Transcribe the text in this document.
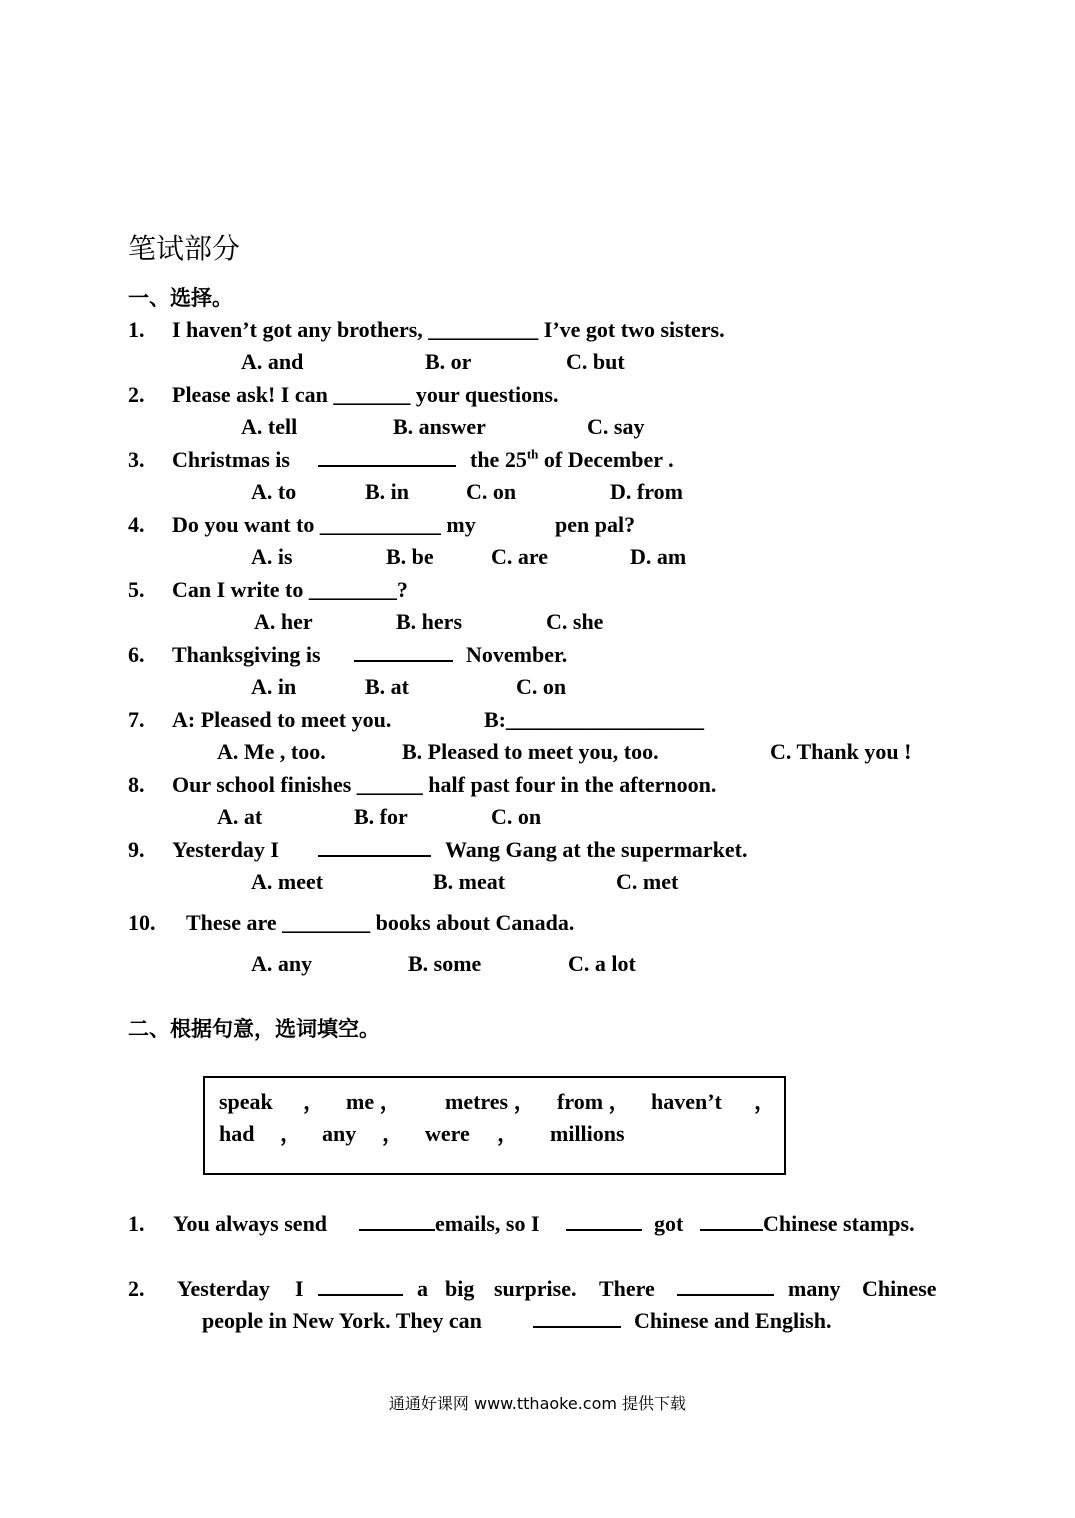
笔试部分
一、选择。
1. I haven’t got any brothers, __________ I’ve got two sisters.
A. and	B. or	C. but
2. Please ask! I can _______ your questions.
A. tell	B. answer	C. say
3. Christmas is	the 25th of December .
A. to	B. in	C. on	D. from
4. Do you want to ___________ my	pen pal?
A. is	B. be	C. are	D. am
5. Can I write to ________?
A. her	B. hers	C. she
6. Thanksgiving is	November.
A. in	B. at	C. on
7. A: Pleased to meet you.	B:__________________
A. Me , too.	B. Pleased to meet you, too.	C. Thank you !
8. Our school finishes ______ half past four in the afternoon.
A. at	B. for	C. on
9. Yesterday I	Wang Gang at the supermarket.
A. meet	B. meat	C. met
10. These are ________ books about Canada.
A. any	B. some	C. a lot
二、根据句意，选词填空。
speak ， me ， metres ， from ， haven’t ，
had ， any ， were ， millions
1. You always send	emails, so I	got	Chinese stamps.
2. Yesterday I	a big surprise. There	many Chinese
people in New York. They can	Chinese and English.
通通好课网 www.tthaoke.com 提供下载
